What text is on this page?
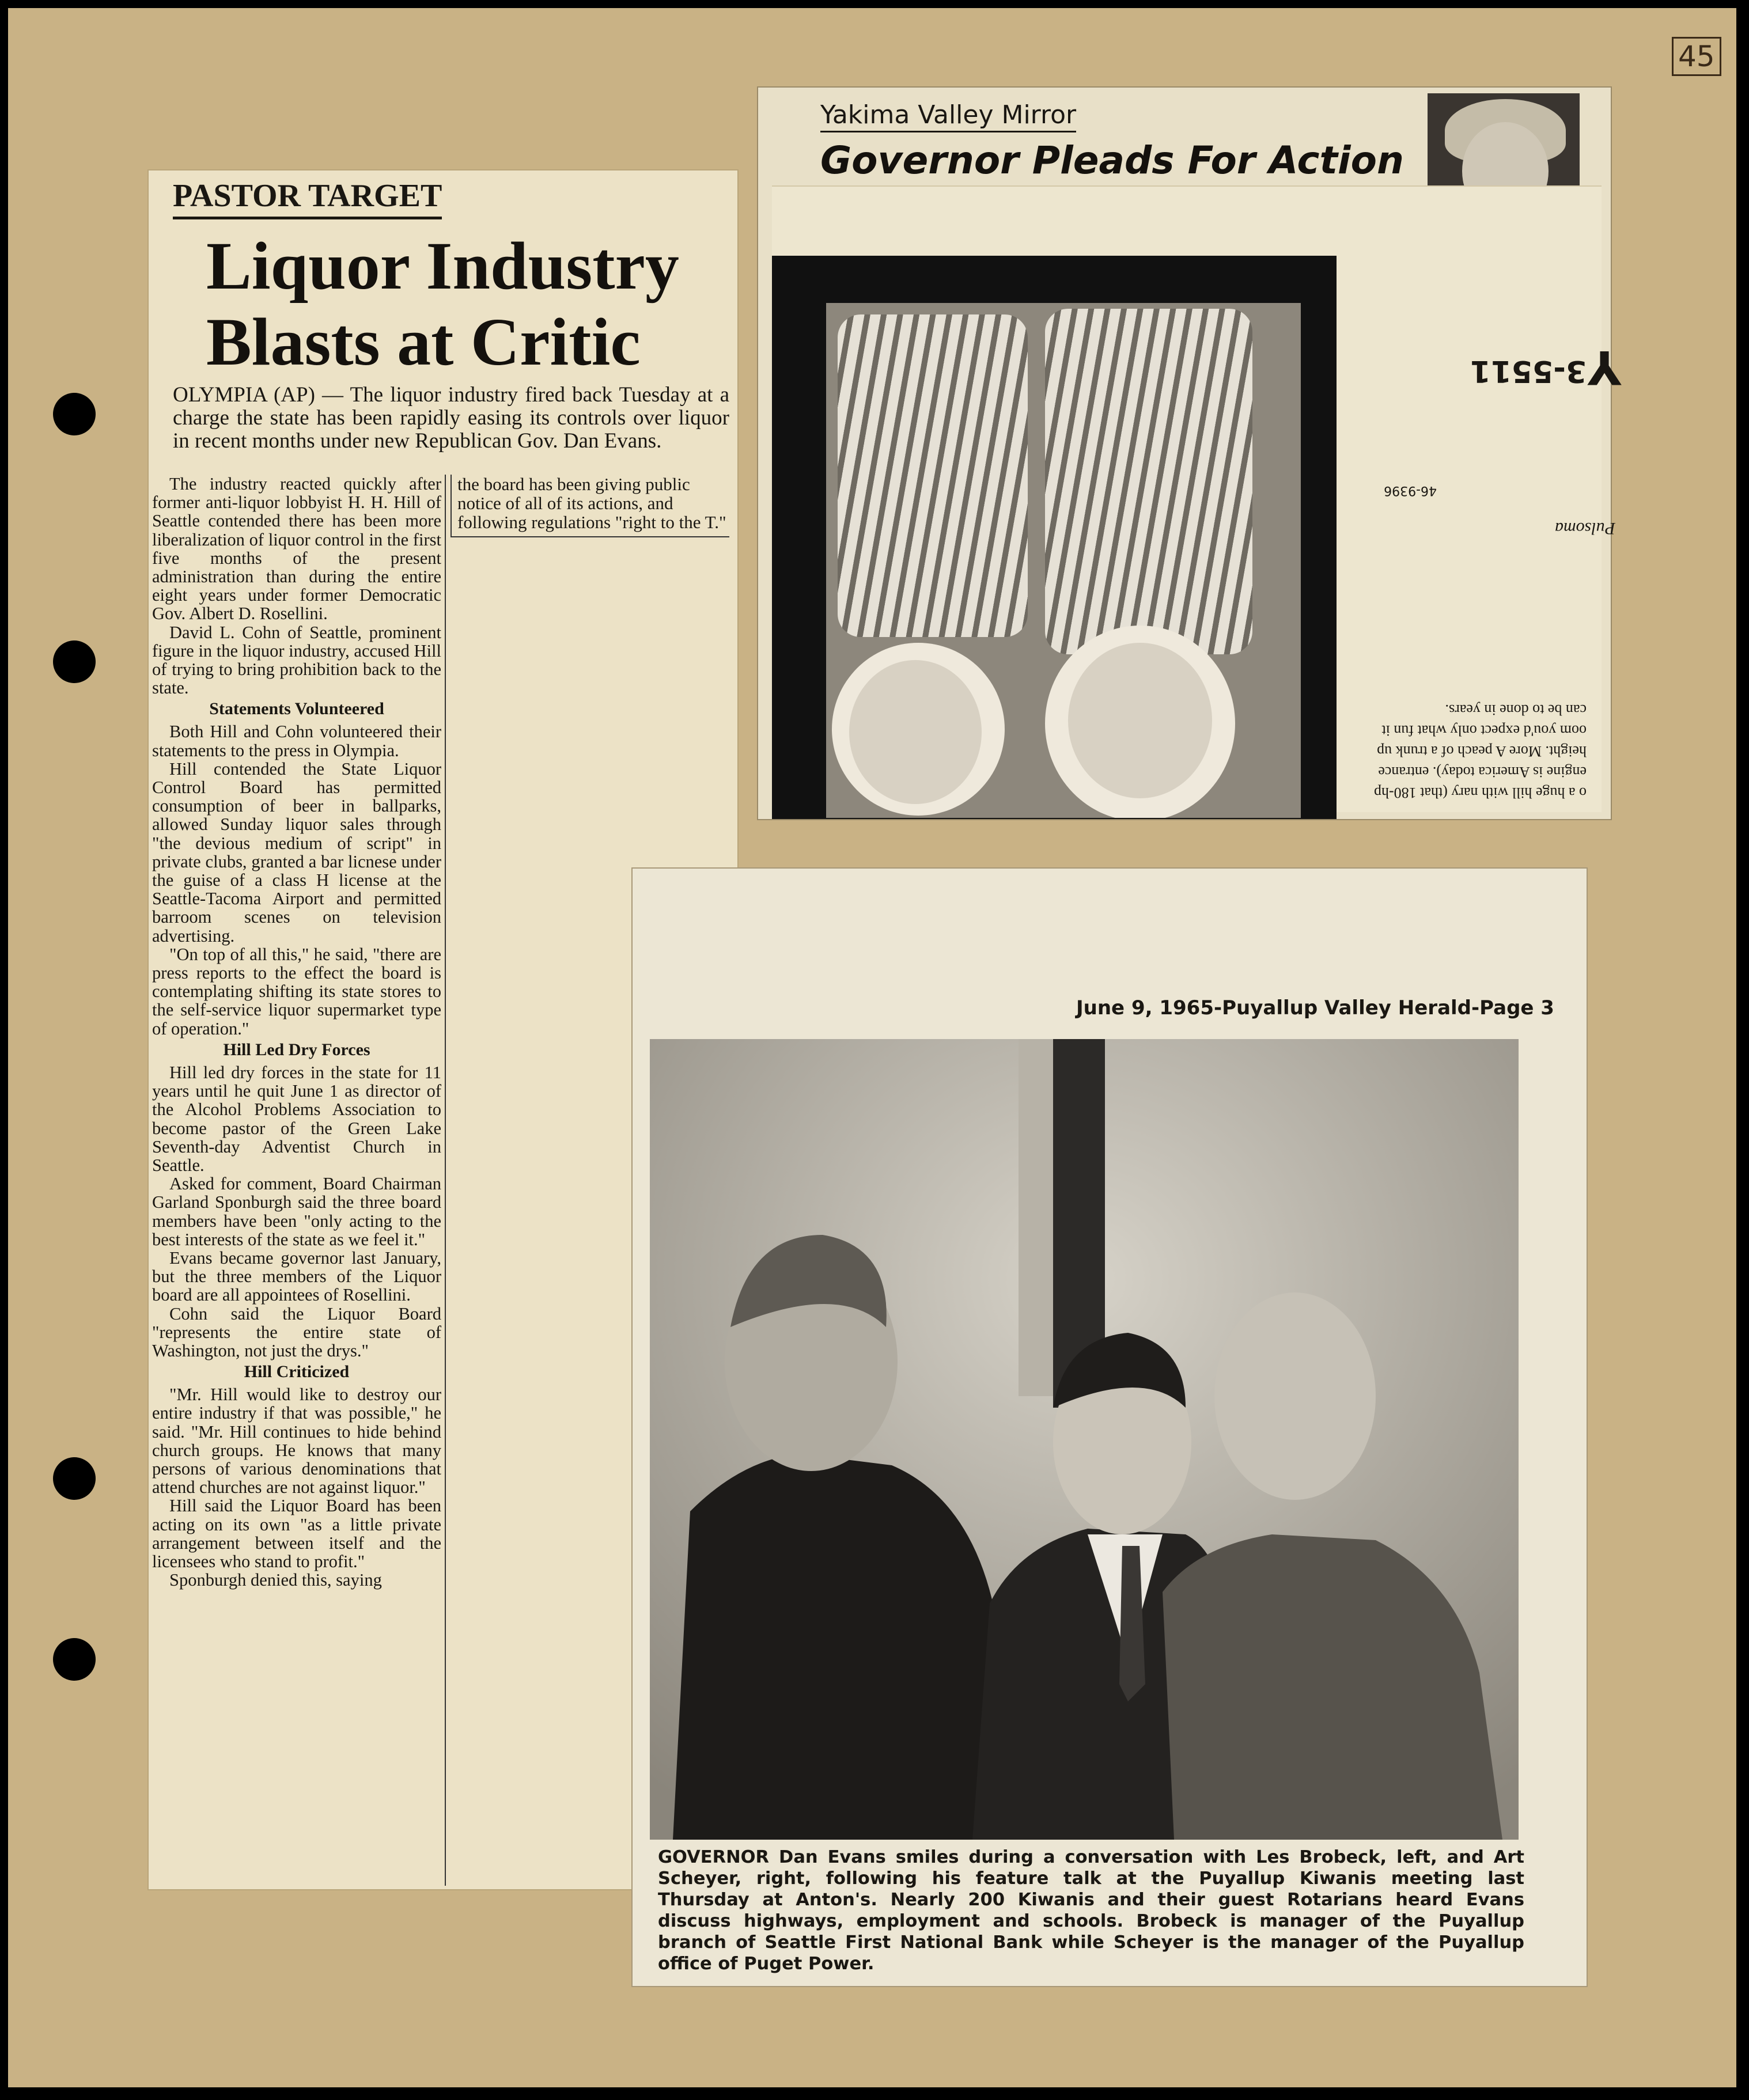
45
PASTOR TARGET
Liquor Industry
Blasts at Critic
OLYMPIA (AP) — The liquor industry fired back Tuesday at a charge the state has been rapidly easing its controls over liquor in recent months under new Republican Gov. Dan Evans.
the board has been giving public notice of all of its actions, and following regulations "right to the T."

The industry reacted quickly after former anti-liquor lobbyist H. H. Hill of Seattle contended there has been more liberalization of liquor control in the first five months of the present administration than during the entire eight years under former Democratic Gov. Albert D. Rosellini.

David L. Cohn of Seattle, prominent figure in the liquor industry, accused Hill of trying to bring prohibition back to the state.

Statements Volunteered

Both Hill and Cohn volunteered their statements to the press in Olympia.

Hill contended the State Liquor Control Board has permitted consumption of beer in ballparks, allowed Sunday liquor sales through "the devious medium of script" in private clubs, granted a bar licnese under the guise of a class H license at the Seattle-Tacoma Airport and permitted barroom scenes on television advertising.

"On top of all this," he said, "there are press reports to the effect the board is contemplating shifting its state stores to the self-service liquor supermarket type of operation."

Hill Led Dry Forces

Hill led dry forces in the state for 11 years until he quit June 1 as director of the Alcohol Problems Association to become pastor of the Green Lake Seventh-day Adventist Church in Seattle.

Asked for comment, Board Chairman Garland Sponburgh said the three board members have been "only acting to the best interests of the state as we feel it."

Evans became governor last January, but the three members of the Liquor board are all appointees of Rosellini.

Cohn said the Liquor Board "represents the entire state of Washington, not just the drys."

Hill Criticized

"Mr. Hill would like to destroy our entire industry if that was possible," he said. "Mr. Hill continues to hide behind church groups. He knows that many persons of various denominations that attend churches are not against liquor."

Hill said the Liquor Board has been acting on its own "as a little private arrangement between itself and the licensees who stand to profit."

Sponburgh denied this, saying

Yakima Valley Mirror
Governor Pleads For Action
o a huge hill with nary (that 180-hp engine is America today). entrance height. More A peach of a trunk up oom you'd expect only what fun it can be to done in years.
Pulsoma
46-9396
3-5511 Y
June 9, 1965-Puyallup Valley Herald-Page 3
GOVERNOR Dan Evans smiles during a conversation with Les Brobeck, left, and Art Scheyer, right, following his feature talk at the Puyallup Kiwanis meeting last Thursday at Anton's. Nearly 200 Kiwanis and their guest Rotarians heard Evans discuss highways, employment and schools. Brobeck is manager of the Puyallup branch of Seattle First National Bank while Scheyer is the manager of the Puyallup office of Puget Power.
